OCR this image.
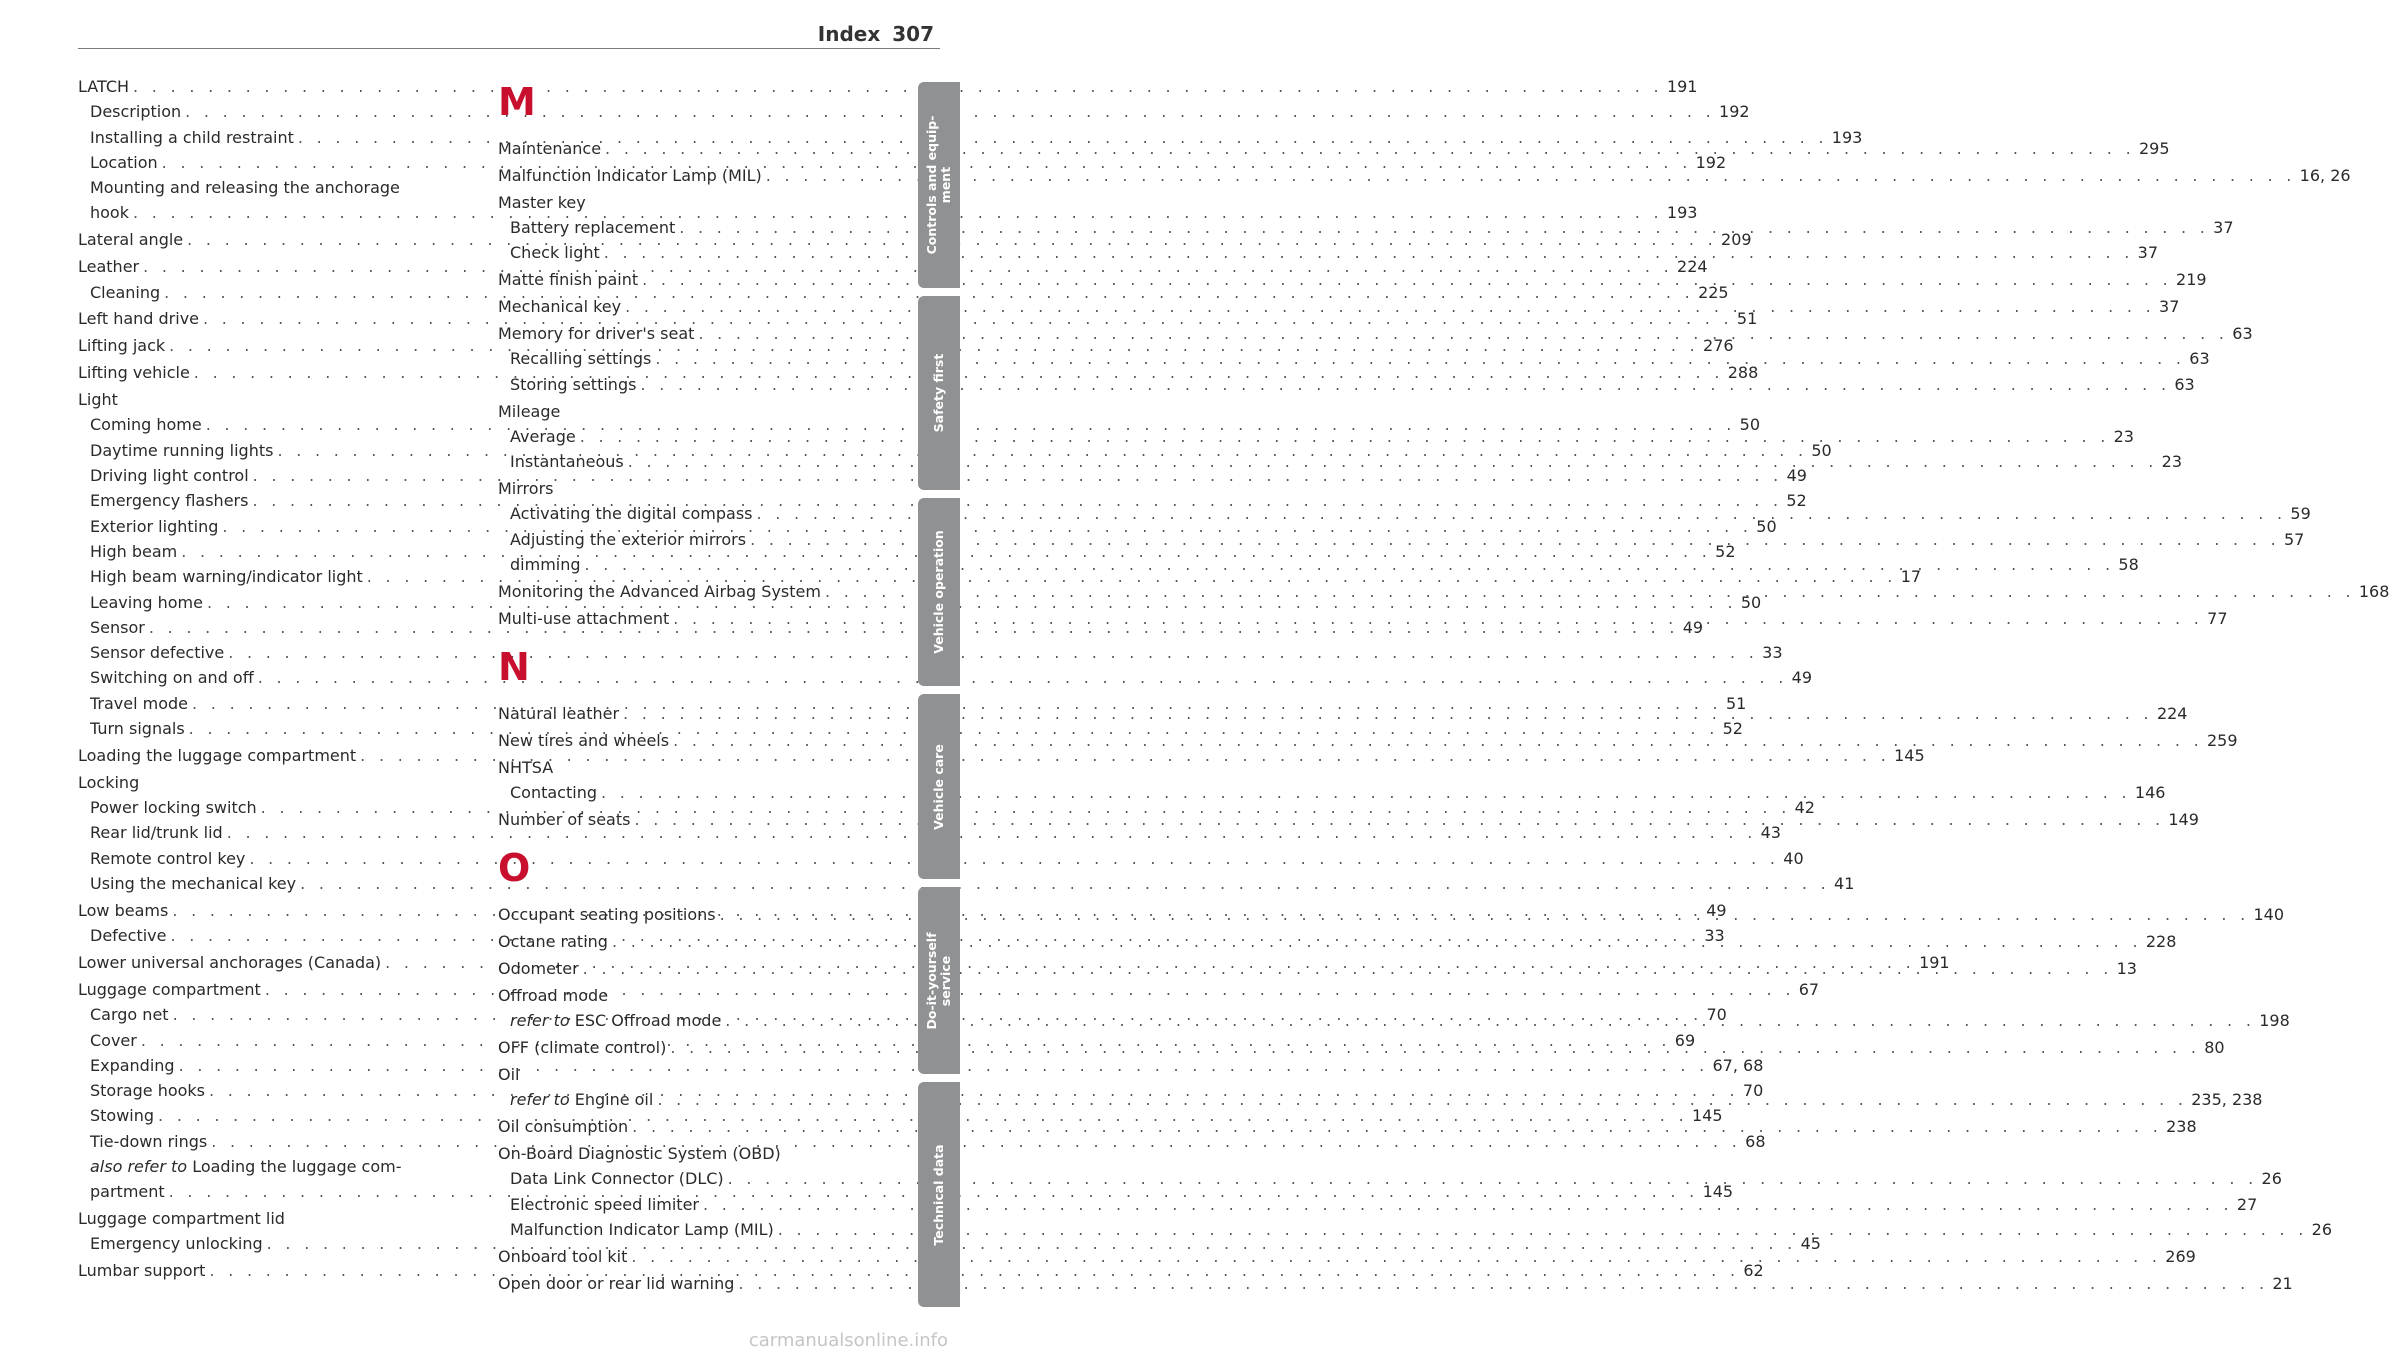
Index 307
LATCH . . .	191
Description . . .	192
Installing a child restraint . . .	193
Location . . .	192
Mounting and releasing the anchorage
hook . . .	193
Lateral angle . . .	209
Leather . . .	224
Cleaning . . .	225
Left hand drive . . .	51
Lifting jack . . .	276
Lifting vehicle . . .	288
Light
Coming home . . .	50
Daytime running lights . . .	50
Driving light control . . .	49
Emergency flashers . . .	52
Exterior lighting . . .	50
High beam . . .	52
High beam warning/indicator light . . .	17
Leaving home . . .	50
Sensor . . .	49
Sensor defective . . .	33
Switching on and off . . .	49
Travel mode . . .	51
Turn signals . . .	52
Loading the luggage compartment . . .	145
Locking
Power locking switch . . .	42
Rear lid/trunk lid . . .	43
Remote control key . . .	40
Using the mechanical key . . .	41
Low beams . . .	49
Defective . . .	33
Lower universal anchorages (Canada) . . .	191
Luggage compartment . . .	67
Cargo net . . .	70
Cover . . .	69
Expanding . . .	67, 68
Storage hooks . . .	70
Stowing . . .	145
Tie-down rings . . .	68
also refer to Loading the luggage com-
partment . . .	145
Luggage compartment lid
Emergency unlocking . . .	45
Lumbar support . . .	62
M
Maintenance . . .	295
Malfunction Indicator Lamp (MIL) . . .	16, 26
Master key
Battery replacement . . .	37
Check light . . .	37
Matte finish paint . . .	219
Mechanical key . . .	37
Memory for driver's seat . . .	63
Recalling settings . . .	63
Storing settings . . .	63
Mileage
Average . . .	23
Instantaneous . . .	23
Mirrors
Activating the digital compass . . .	59
Adjusting the exterior mirrors . . .	57
dimming . . .	58
Monitoring the Advanced Airbag System . . .	168
Multi-use attachment . . .	77
N
Natural leather . . .	224
New tires and wheels . . .	259
NHTSA
Contacting . . .	146
Number of seats . . .	149
O
Occupant seating positions . . .	140
Octane rating . . .	228
Odometer . . .	13
Offroad mode
refer to ESC Offroad mode . . .	198
OFF (climate control) . . .	80
Oil
refer to Engine oil . . .	235, 238
Oil consumption . . .	238
On-Board Diagnostic System (OBD)
Data Link Connector (DLC) . . .	26
Electronic speed limiter . . .	27
Malfunction Indicator Lamp (MIL) . . .	26
Onboard tool kit . . .	269
Open door or rear lid warning . . .	21
Controls and equip-
ment
Safety first
Vehicle operation
Vehicle care
Do-it-yourself
service
Technical data
carmanualsonline.info
